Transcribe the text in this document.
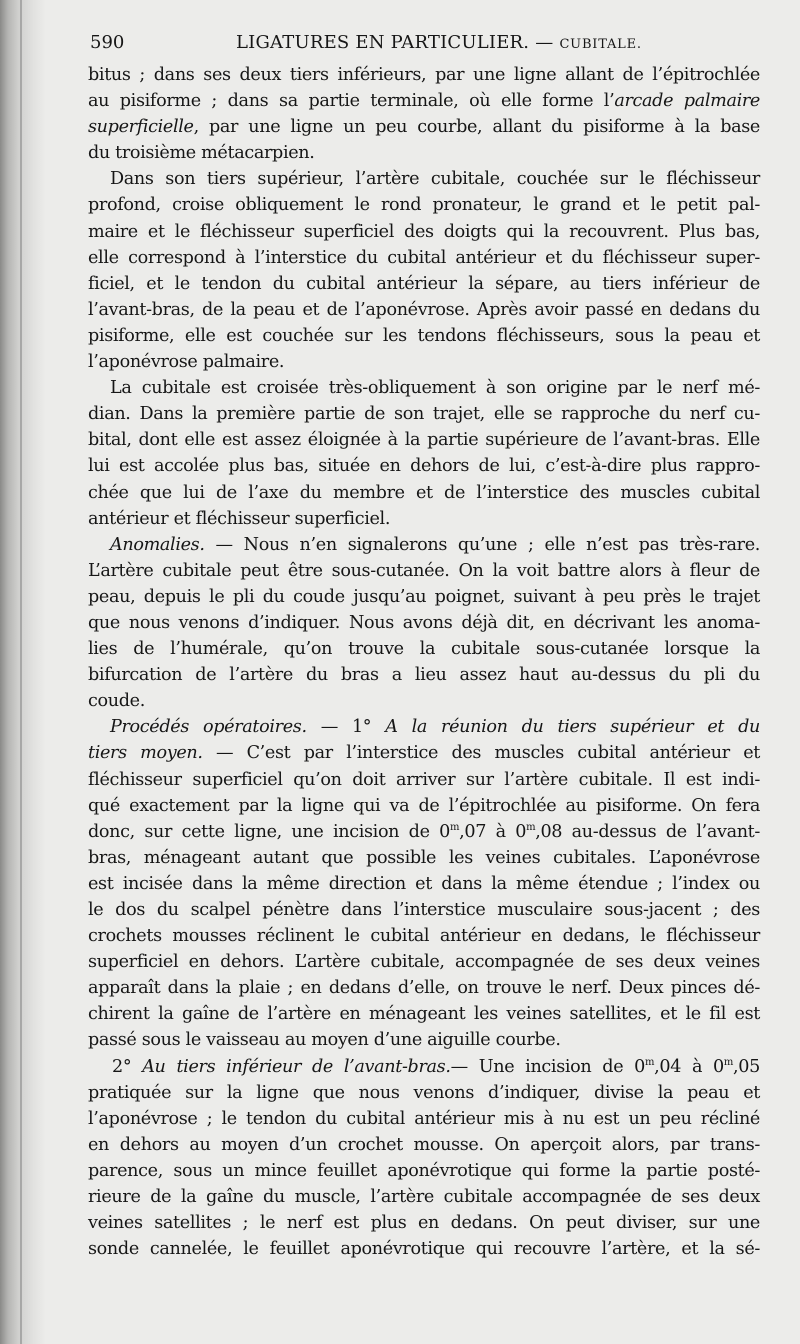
590	LIGATURES EN PARTICULIER. — CUBITALE.
bitus ; dans ses deux tiers inférieurs, par une ligne allant de l’épitrochlée
au pisiforme ; dans sa partie terminale, où elle forme l’arcade palmaire
superficielle, par une ligne un peu courbe, allant du pisiforme à la base
du troisième métacarpien.
Dans son tiers supérieur, l’artère cubitale, couchée sur le fléchisseur
profond, croise obliquement le rond pronateur, le grand et le petit pal-
maire et le fléchisseur superficiel des doigts qui la recouvrent. Plus bas,
elle correspond à l’interstice du cubital antérieur et du fléchisseur super-
ficiel, et le tendon du cubital antérieur la sépare, au tiers inférieur de
l’avant-bras, de la peau et de l’aponévrose. Après avoir passé en dedans du
pisiforme, elle est couchée sur les tendons fléchisseurs, sous la peau et
l’aponévrose palmaire.
La cubitale est croisée très-obliquement à son origine par le nerf mé-
dian. Dans la première partie de son trajet, elle se rapproche du nerf cu-
bital, dont elle est assez éloignée à la partie supérieure de l’avant-bras. Elle
lui est accolée plus bas, située en dehors de lui, c’est-à-dire plus rappro-
chée que lui de l’axe du membre et de l’interstice des muscles cubital
antérieur et fléchisseur superficiel.
Anomalies. — Nous n’en signalerons qu’une ; elle n’est pas très-rare.
L’artère cubitale peut être sous-cutanée. On la voit battre alors à fleur de
peau, depuis le pli du coude jusqu’au poignet, suivant à peu près le trajet
que nous venons d’indiquer. Nous avons déjà dit, en décrivant les anoma-
lies de l’humérale, qu’on trouve la cubitale sous-cutanée lorsque la
bifurcation de l’artère du bras a lieu assez haut au-dessus du pli du
coude.
Procédés opératoires. — 1° A la réunion du tiers supérieur et du
tiers moyen. — C’est par l’interstice des muscles cubital antérieur et
fléchisseur superficiel qu’on doit arriver sur l’artère cubitale. Il est indi-
qué exactement par la ligne qui va de l’épitrochlée au pisiforme. On fera
donc, sur cette ligne, une incision de 0$^m$,07 à 0$^m$,08 au-dessus de l’avant-
bras, ménageant autant que possible les veines cubitales. L’aponévrose
est incisée dans la même direction et dans la même étendue ; l’index ou
le dos du scalpel pénètre dans l’interstice musculaire sous-jacent ; des
crochets mousses réclinent le cubital antérieur en dedans, le fléchisseur
superficiel en dehors. L’artère cubitale, accompagnée de ses deux veines
apparaît dans la plaie ; en dedans d’elle, on trouve le nerf. Deux pinces dé-
chirent la gaîne de l’artère en ménageant les veines satellites, et le fil est
passé sous le vaisseau au moyen d’une aiguille courbe.
2° Au tiers inférieur de l’avant-bras.— Une incision de 0$^m$,04 à 0$^m$,05
pratiquée sur la ligne que nous venons d’indiquer, divise la peau et
l’aponévrose ; le tendon du cubital antérieur mis à nu est un peu récliné
en dehors au moyen d’un crochet mousse. On aperçoit alors, par trans-
parence, sous un mince feuillet aponévrotique qui forme la partie posté-
rieure de la gaîne du muscle, l’artère cubitale accompagnée de ses deux
veines satellites ; le nerf est plus en dedans. On peut diviser, sur une
sonde cannelée, le feuillet aponévrotique qui recouvre l’artère, et la sé-
